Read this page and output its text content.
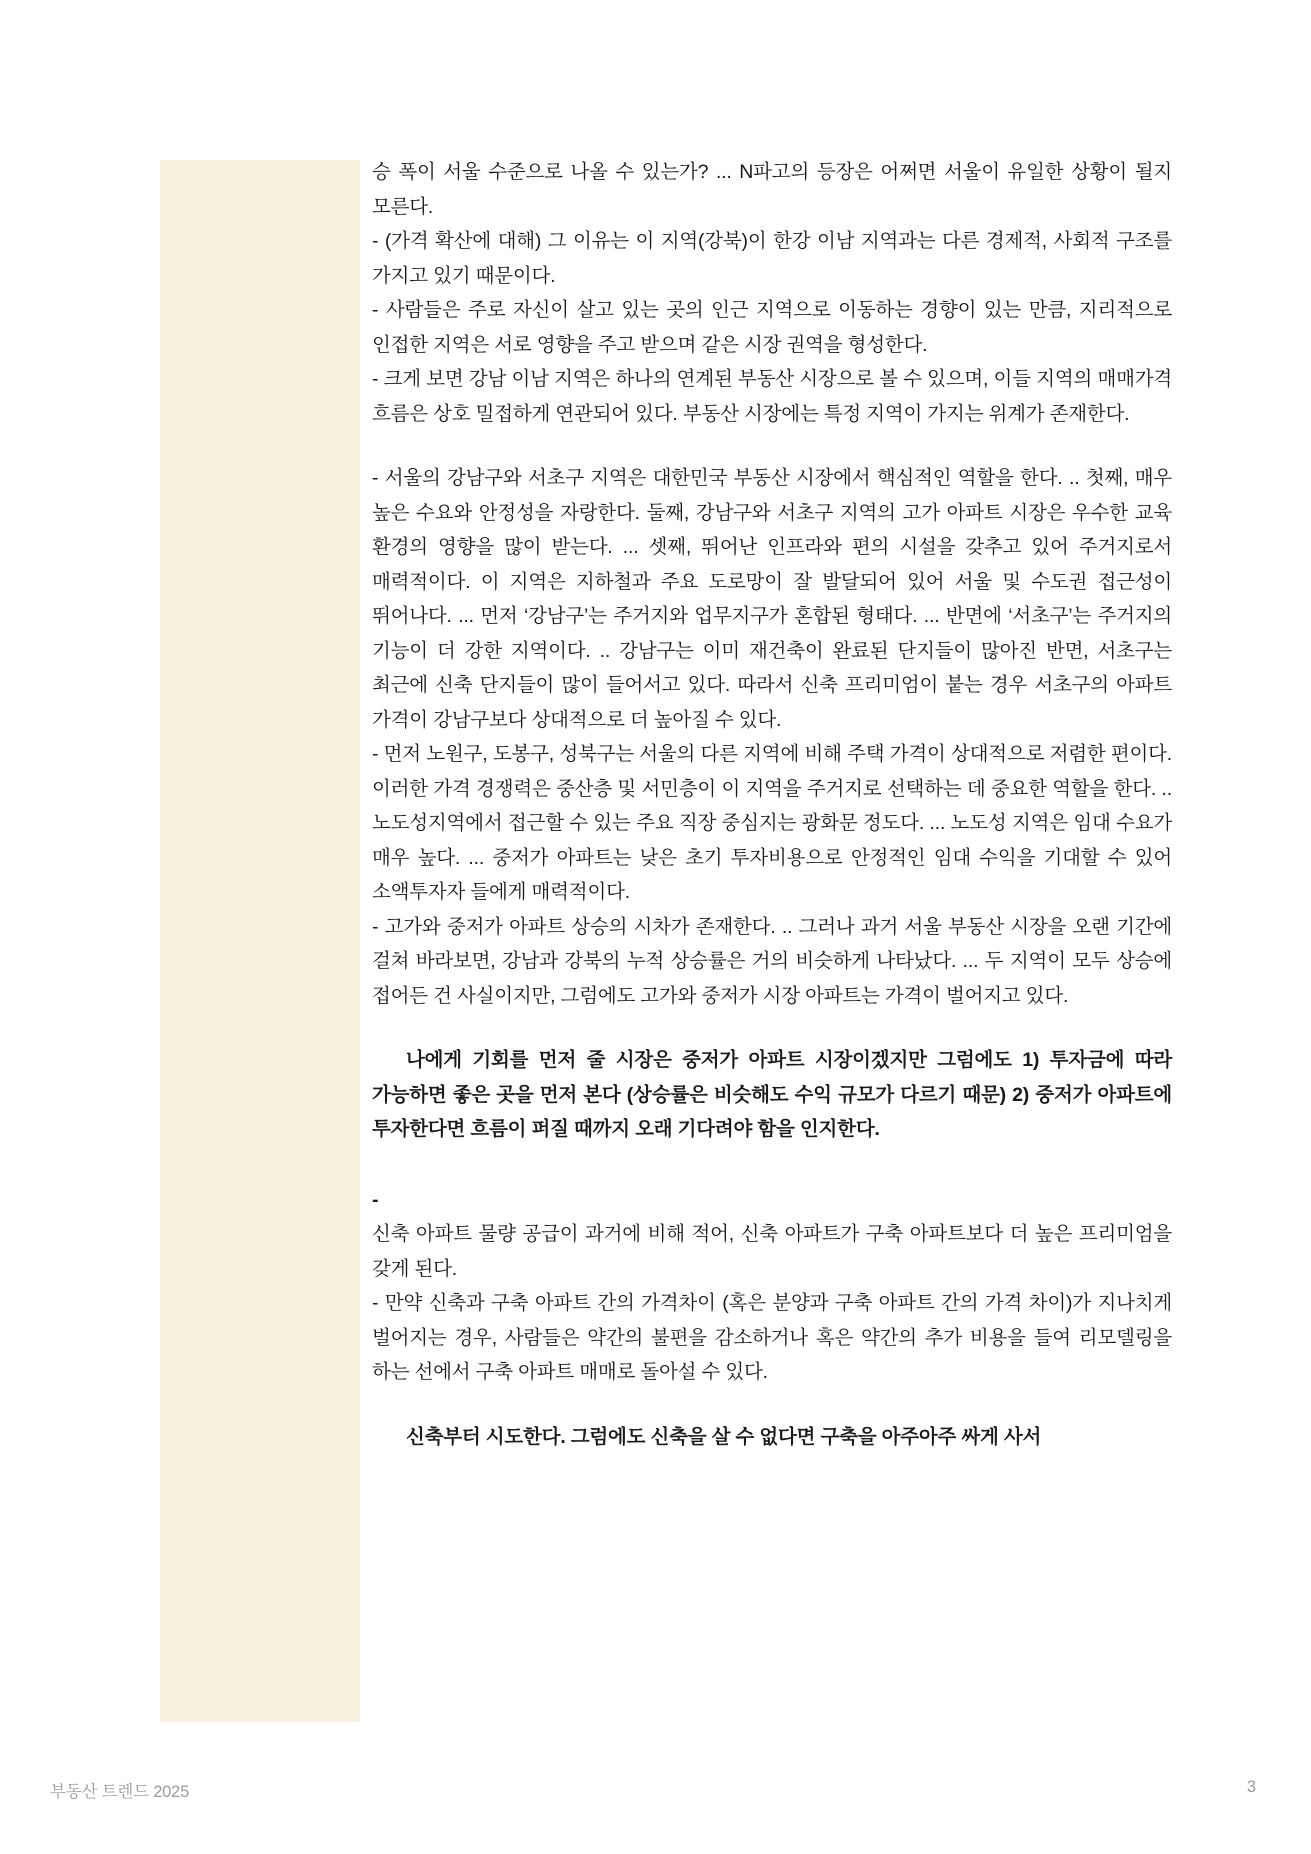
승 폭이 서울 수준으로 나올 수 있는가? ... N파고의 등장은 어쩌면 서울이 유일한 상황이 될지 모른다.

- (가격 확산에 대해) 그 이유는 이 지역(강북)이 한강 이남 지역과는 다른 경제적, 사회적 구조를 가지고 있기 때문이다.

- 사람들은 주로 자신이 살고 있는 곳의 인근 지역으로 이동하는 경향이 있는 만큼, 지리적으로 인접한 지역은 서로 영향을 주고 받으며 같은 시장 권역을 형성한다.

- 크게 보면 강남 이남 지역은 하나의 연계된 부동산 시장으로 볼 수 있으며, 이들 지역의 매매가격 흐름은 상호 밀접하게 연관되어 있다. 부동산 시장에는 특정 지역이 가지는 위계가 존재한다.

- 서울의 강남구와 서초구 지역은 대한민국 부동산 시장에서 핵심적인 역할을 한다. .. 첫째, 매우 높은 수요와 안정성을 자랑한다. 둘째, 강남구와 서초구 지역의 고가 아파트 시장은 우수한 교육 환경의 영향을 많이 받는다. ... 셋째, 뛰어난 인프라와 편의 시설을 갖추고 있어 주거지로서 매력적이다. 이 지역은 지하철과 주요 도로망이 잘 발달되어 있어 서울 및 수도권 접근성이 뛰어나다. ... 먼저 ‘강남구’는 주거지와 업무지구가 혼합된 형태다. ... 반면에 ‘서초구’는 주거지의 기능이 더 강한 지역이다. .. 강남구는 이미 재건축이 완료된 단지들이 많아진 반면, 서초구는 최근에 신축 단지들이 많이 들어서고 있다. 따라서 신축 프리미엄이 붙는 경우 서초구의 아파트 가격이 강남구보다 상대적으로 더 높아질 수 있다.

- 먼저 노원구, 도봉구, 성북구는 서울의 다른 지역에 비해 주택 가격이 상대적으로 저렴한 편이다. 이러한 가격 경쟁력은 중산층 및 서민층이 이 지역을 주거지로 선택하는 데 중요한 역할을 한다. .. 노도성지역에서 접근할 수 있는 주요 직장 중심지는 광화문 정도다. ... 노도성 지역은 임대 수요가 매우 높다. ... 중저가 아파트는 낮은 초기 투자비용으로 안정적인 임대 수익을 기대할 수 있어 소액투자자 들에게 매력적이다.

- 고가와 중저가 아파트 상승의 시차가 존재한다. .. 그러나 과거 서울 부동산 시장을 오랜 기간에 걸쳐 바라보면, 강남과 강북의 누적 상승률은 거의 비슷하게 나타났다. ... 두 지역이 모두 상승에 접어든 건 사실이지만, 그럼에도 고가와 중저가 시장 아파트는 가격이 벌어지고 있다.

나에게 기회를 먼저 줄 시장은 중저가 아파트 시장이겠지만 그럼에도 1) 투자금에 따라 가능하면 좋은 곳을 먼저 본다 (상승률은 비슷해도 수익 규모가 다르기 때문) 2) 중저가 아파트에 투자한다면 흐름이 퍼질 때까지 오래 기다려야 함을 인지한다.

-

신축 아파트 물량 공급이 과거에 비해 적어, 신축 아파트가 구축 아파트보다 더 높은 프리미엄을 갖게 된다.

- 만약 신축과 구축 아파트 간의 가격차이 (혹은 분양과 구축 아파트 간의 가격 차이)가 지나치게 벌어지는 경우, 사람들은 약간의 불편을 감소하거나 혹은 약간의 추가 비용을 들여 리모델링을 하는 선에서 구축 아파트 매매로 돌아설 수 있다.

신축부터 시도한다. 그럼에도 신축을 살 수 없다면 구축을 아주아주 싸게 사서

부동산 트렌드 2025	3
